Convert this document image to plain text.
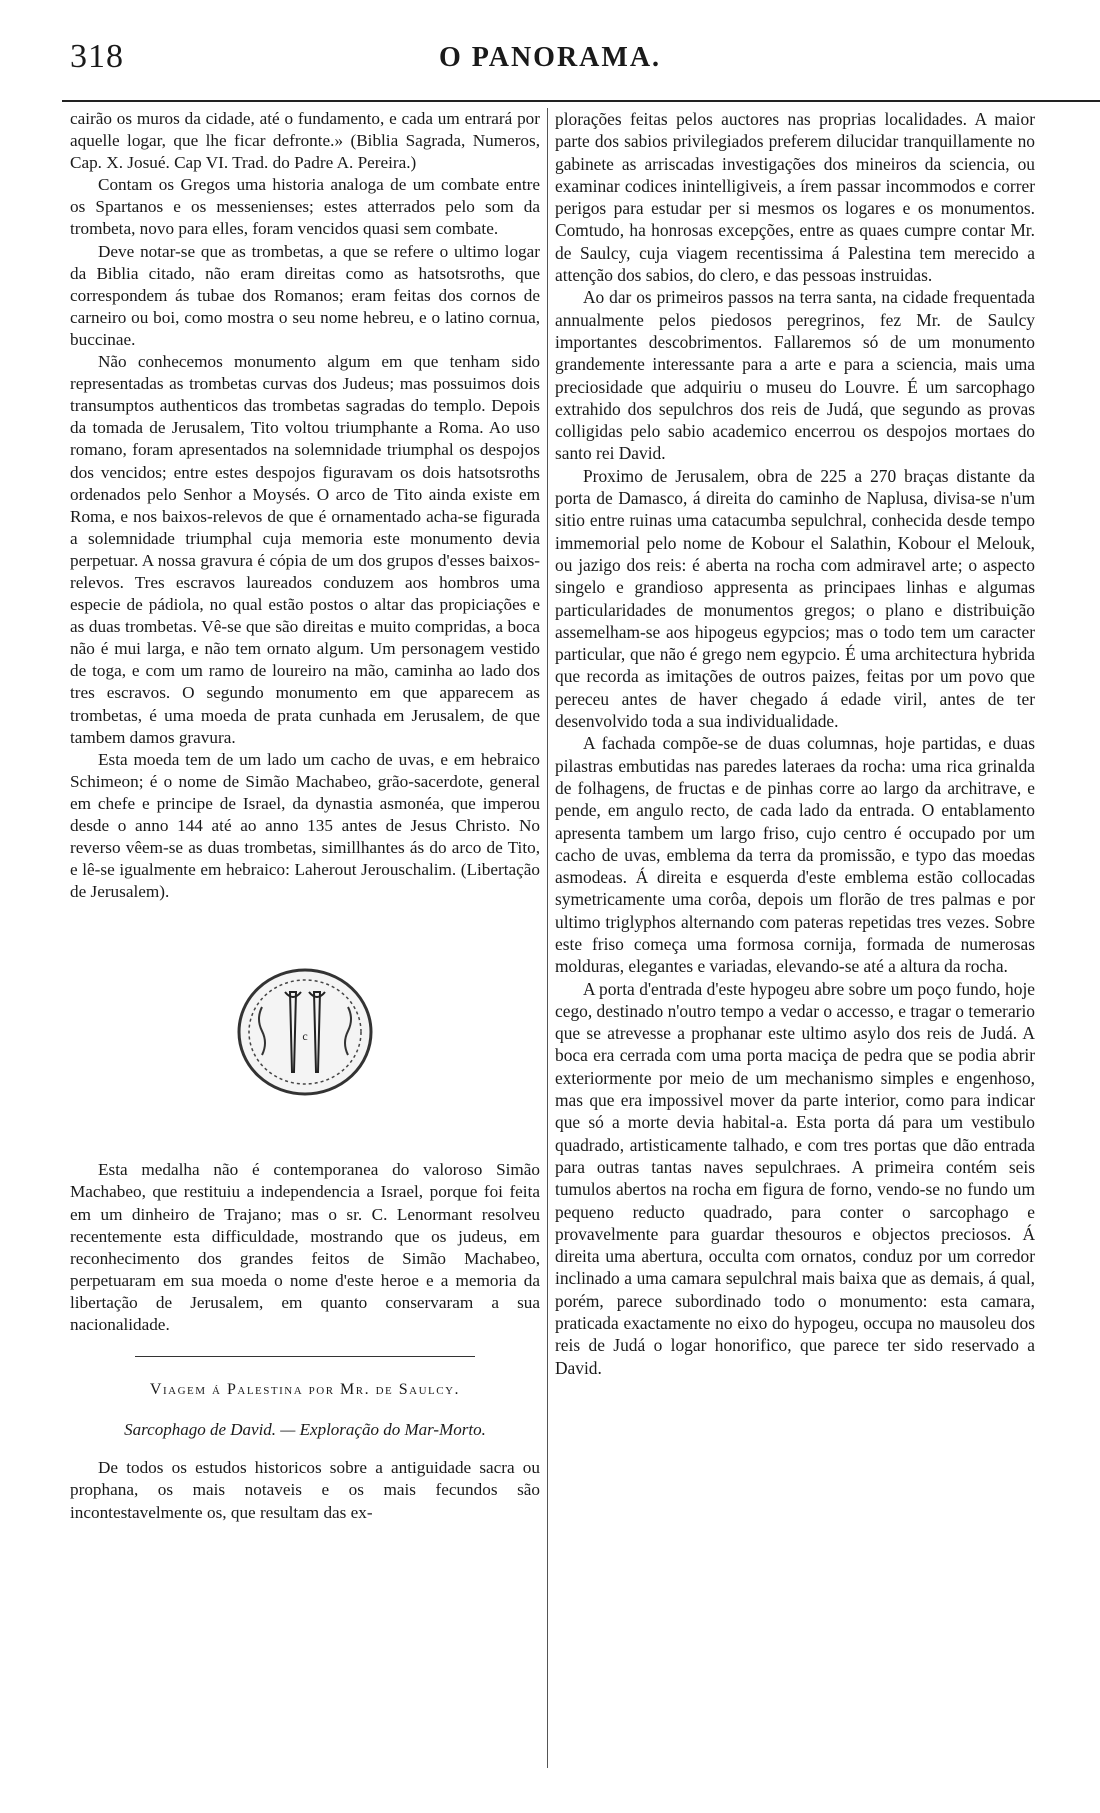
318	O PANORAMA.

cairão os muros da cidade, até o fundamento, e cada um entrará por aquelle logar, que lhe ficar defronte.» (Biblia Sagrada, Numeros, Cap. X. Josué. Cap VI. Trad. do Padre A. Pereira.)

Contam os Gregos uma historia analoga de um combate entre os Spartanos e os messenienses; estes atterrados pelo som da trombeta, novo para elles, foram vencidos quasi sem combate.

Deve notar-se que as trombetas, a que se refere o ultimo logar da Biblia citado, não eram direitas como as hatsotsroths, que correspondem ás tubae dos Romanos; eram feitas dos cornos de carneiro ou boi, como mostra o seu nome hebreu, e o latino cornua, buccinae.

Não conhecemos monumento algum em que tenham sido representadas as trombetas curvas dos Judeus; mas possuimos dois transumptos authenticos das trombetas sagradas do templo. Depois da tomada de Jerusalem, Tito voltou triumphante a Roma. Ao uso romano, foram apresentados na solemnidade triumphal os despojos dos vencidos; entre estes despojos figuravam os dois hatsotsroths ordenados pelo Senhor a Moysés. O arco de Tito ainda existe em Roma, e nos baixos-relevos de que é ornamentado acha-se figurada a solemnidade triumphal cuja memoria este monumento devia perpetuar. A nossa gravura é cópia de um dos grupos d'esses baixos-relevos. Tres escravos laureados conduzem aos hombros uma especie de pádiola, no qual estão postos o altar das propiciações e as duas trombetas. Vê-se que são direitas e muito compridas, a boca não é mui larga, e não tem ornato algum. Um personagem vestido de toga, e com um ramo de loureiro na mão, caminha ao lado dos tres escravos. O segundo monumento em que apparecem as trombetas, é uma moeda de prata cunhada em Jerusalem, de que tambem damos gravura.

Esta moeda tem de um lado um cacho de uvas, e em hebraico Schimeon; é o nome de Simão Machabeo, grão-sacerdote, general em chefe e principe de Israel, da dynastia asmonéa, que imperou desde o anno 144 até ao anno 135 antes de Jesus Christo. No reverso vêem-se as duas trombetas, simillhantes ás do arco de Tito, e lê-se igualmente em hebraico: Laherout Jerouschalim. (Libertação de Jerusalem).

c

Esta medalha não é contemporanea do valoroso Simão Machabeo, que restituiu a independencia a Israel, porque foi feita em um dinheiro de Trajano; mas o sr. C. Lenormant resolveu recentemente esta difficuldade, mostrando que os judeus, em reconhecimento dos grandes feitos de Simão Machabeo, perpetuaram em sua moeda o nome d'este heroe e a memoria da libertação de Jerusalem, em quanto conservaram a sua nacionalidade.

Viagem á Palestina por Mr. de Saulcy.
Sarcophago de David. — Exploração do Mar-Morto.

De todos os estudos historicos sobre a antiguidade sacra ou prophana, os mais notaveis e os mais fecundos são incontestavelmente os, que resultam das ex-

plorações feitas pelos auctores nas proprias localidades. A maior parte dos sabios privilegiados preferem dilucidar tranquillamente no gabinete as arriscadas investigações dos mineiros da sciencia, ou examinar codices inintelligiveis, a írem passar incommodos e correr perigos para estudar per si mesmos os logares e os monumentos. Comtudo, ha honrosas excepções, entre as quaes cumpre contar Mr. de Saulcy, cuja viagem recentissima á Palestina tem merecido a attenção dos sabios, do clero, e das pessoas instruidas.

Ao dar os primeiros passos na terra santa, na cidade frequentada annualmente pelos piedosos peregrinos, fez Mr. de Saulcy importantes descobrimentos. Fallaremos só de um monumento grandemente interessante para a arte e para a sciencia, mais uma preciosidade que adquiriu o museu do Louvre. É um sarcophago extrahido dos sepulchros dos reis de Judá, que segundo as provas colligidas pelo sabio academico encerrou os despojos mortaes do santo rei David.

Proximo de Jerusalem, obra de 225 a 270 braças distante da porta de Damasco, á direita do caminho de Naplusa, divisa-se n'um sitio entre ruinas uma catacumba sepulchral, conhecida desde tempo immemorial pelo nome de Kobour el Salathin, Kobour el Melouk, ou jazigo dos reis: é aberta na rocha com admiravel arte; o aspecto singelo e grandioso appresenta as principaes linhas e algumas particularidades de monumentos gregos; o plano e distribuição assemelham-se aos hipogeus egypcios; mas o todo tem um caracter particular, que não é grego nem egypcio. É uma architectura hybrida que recorda as imitações de outros paizes, feitas por um povo que pereceu antes de haver chegado á edade viril, antes de ter desenvolvido toda a sua individualidade.

A fachada compõe-se de duas columnas, hoje partidas, e duas pilastras embutidas nas paredes lateraes da rocha: uma rica grinalda de folhagens, de fructas e de pinhas corre ao largo da architrave, e pende, em angulo recto, de cada lado da entrada. O entablamento apresenta tambem um largo friso, cujo centro é occupado por um cacho de uvas, emblema da terra da promissão, e typo das moedas asmodeas. Á direita e esquerda d'este emblema estão collocadas symetricamente uma corôa, depois um florão de tres palmas e por ultimo triglyphos alternando com pateras repetidas tres vezes. Sobre este friso começa uma formosa cornija, formada de numerosas molduras, elegantes e variadas, elevando-se até a altura da rocha.

A porta d'entrada d'este hypogeu abre sobre um poço fundo, hoje cego, destinado n'outro tempo a vedar o accesso, e tragar o temerario que se atrevesse a prophanar este ultimo asylo dos reis de Judá. A boca era cerrada com uma porta maciça de pedra que se podia abrir exteriormente por meio de um mechanismo simples e engenhoso, mas que era impossivel mover da parte interior, como para indicar que só a morte devia habital-a. Esta porta dá para um vestibulo quadrado, artisticamente talhado, e com tres portas que dão entrada para outras tantas naves sepulchraes. A primeira contém seis tumulos abertos na rocha em figura de forno, vendo-se no fundo um pequeno reducto quadrado, para conter o sarcophago e provavelmente para guardar thesouros e objectos preciosos. Á direita uma abertura, occulta com ornatos, conduz por um corredor inclinado a uma camara sepulchral mais baixa que as demais, á qual, porém, parece subordinado todo o monumento: esta camara, praticada exactamente no eixo do hypogeu, occupa no mausoleu dos reis de Judá o logar honorifico, que parece ter sido reservado a David.
